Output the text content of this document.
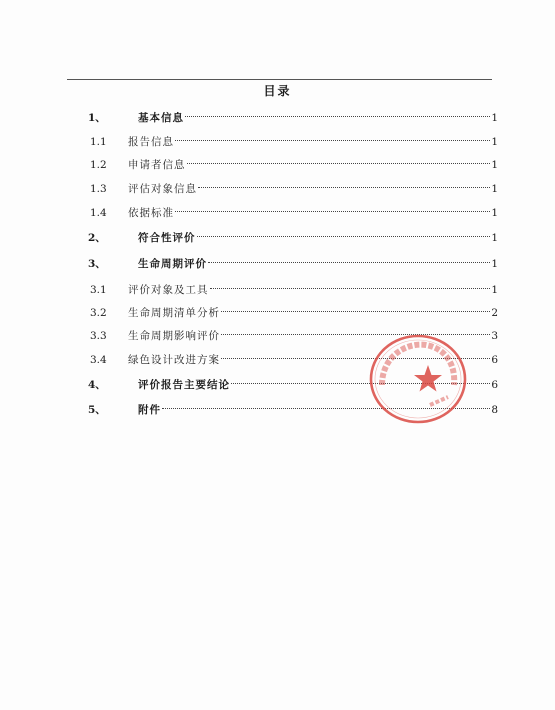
目录
1、	基本信息	1
1.1	报告信息	1
1.2	申请者信息	1
1.3	评估对象信息	1
1.4	依据标准	1
2、	符合性评价	1
3、	生命周期评价	1
3.1	评价对象及工具	1
3.2	生命周期清单分析	2
3.3	生命周期影响评价	3
3.4	绿色设计改进方案	6
4、	评价报告主要结论	6
5、	附件	8
